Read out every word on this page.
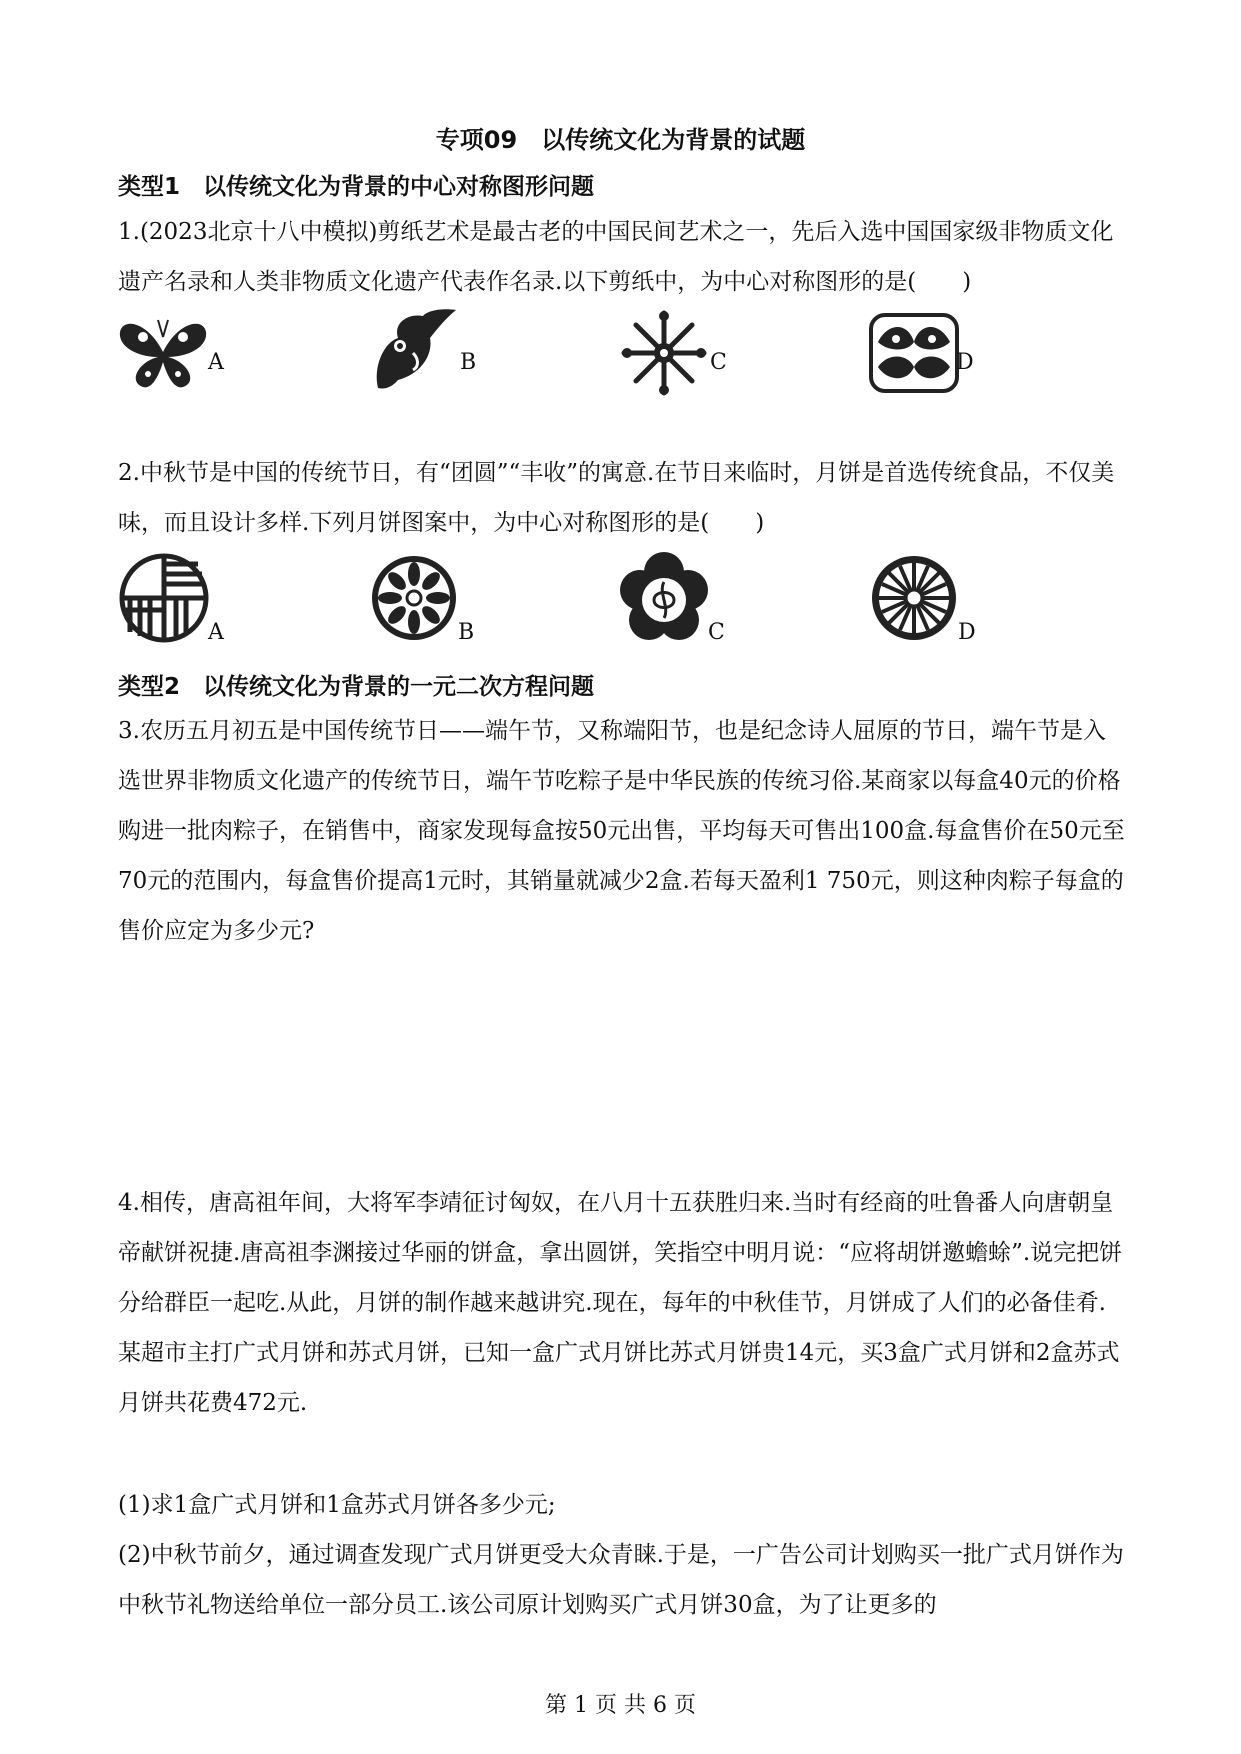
专项09　以传统文化为背景的试题
类型1　以传统文化为背景的中心对称图形问题
1.(2023北京十八中模拟)剪纸艺术是最古老的中国民间艺术之一，先后入选中国国家级非物质文化遗产名录和人类非物质文化遗产代表作名录.以下剪纸中，为中心对称图形的是(　　)
A	B	C	D
2.中秋节是中国的传统节日，有“团圆”“丰收”的寓意.在节日来临时，月饼是首选传统食品，不仅美味，而且设计多样.下列月饼图案中，为中心对称图形的是(　　)
A	B	C	D
类型2　以传统文化为背景的一元二次方程问题
3.农历五月初五是中国传统节日——端午节，又称端阳节，也是纪念诗人屈原的节日，端午节是入选世界非物质文化遗产的传统节日，端午节吃粽子是中华民族的传统习俗.某商家以每盒40元的价格购进一批肉粽子，在销售中，商家发现每盒按50元出售，平均每天可售出100盒.每盒售价在50元至70元的范围内，每盒售价提高1元时，其销量就减少2盒.若每天盈利1 750元，则这种肉粽子每盒的售价应定为多少元?
4.相传，唐高祖年间，大将军李靖征讨匈奴，在八月十五获胜归来.当时有经商的吐鲁番人向唐朝皇帝献饼祝捷.唐高祖李渊接过华丽的饼盒，拿出圆饼，笑指空中明月说：“应将胡饼邀蟾蜍”.说完把饼分给群臣一起吃.从此，月饼的制作越来越讲究.现在，每年的中秋佳节，月饼成了人们的必备佳肴.某超市主打广式月饼和苏式月饼，已知一盒广式月饼比苏式月饼贵14元，买3盒广式月饼和2盒苏式月饼共花费472元.
(1)求1盒广式月饼和1盒苏式月饼各多少元;
(2)中秋节前夕，通过调查发现广式月饼更受大众青睐.于是，一广告公司计划购买一批广式月饼作为中秋节礼物送给单位一部分员工.该公司原计划购买广式月饼30盒，为了让更多的
第 1 页 共 6 页
